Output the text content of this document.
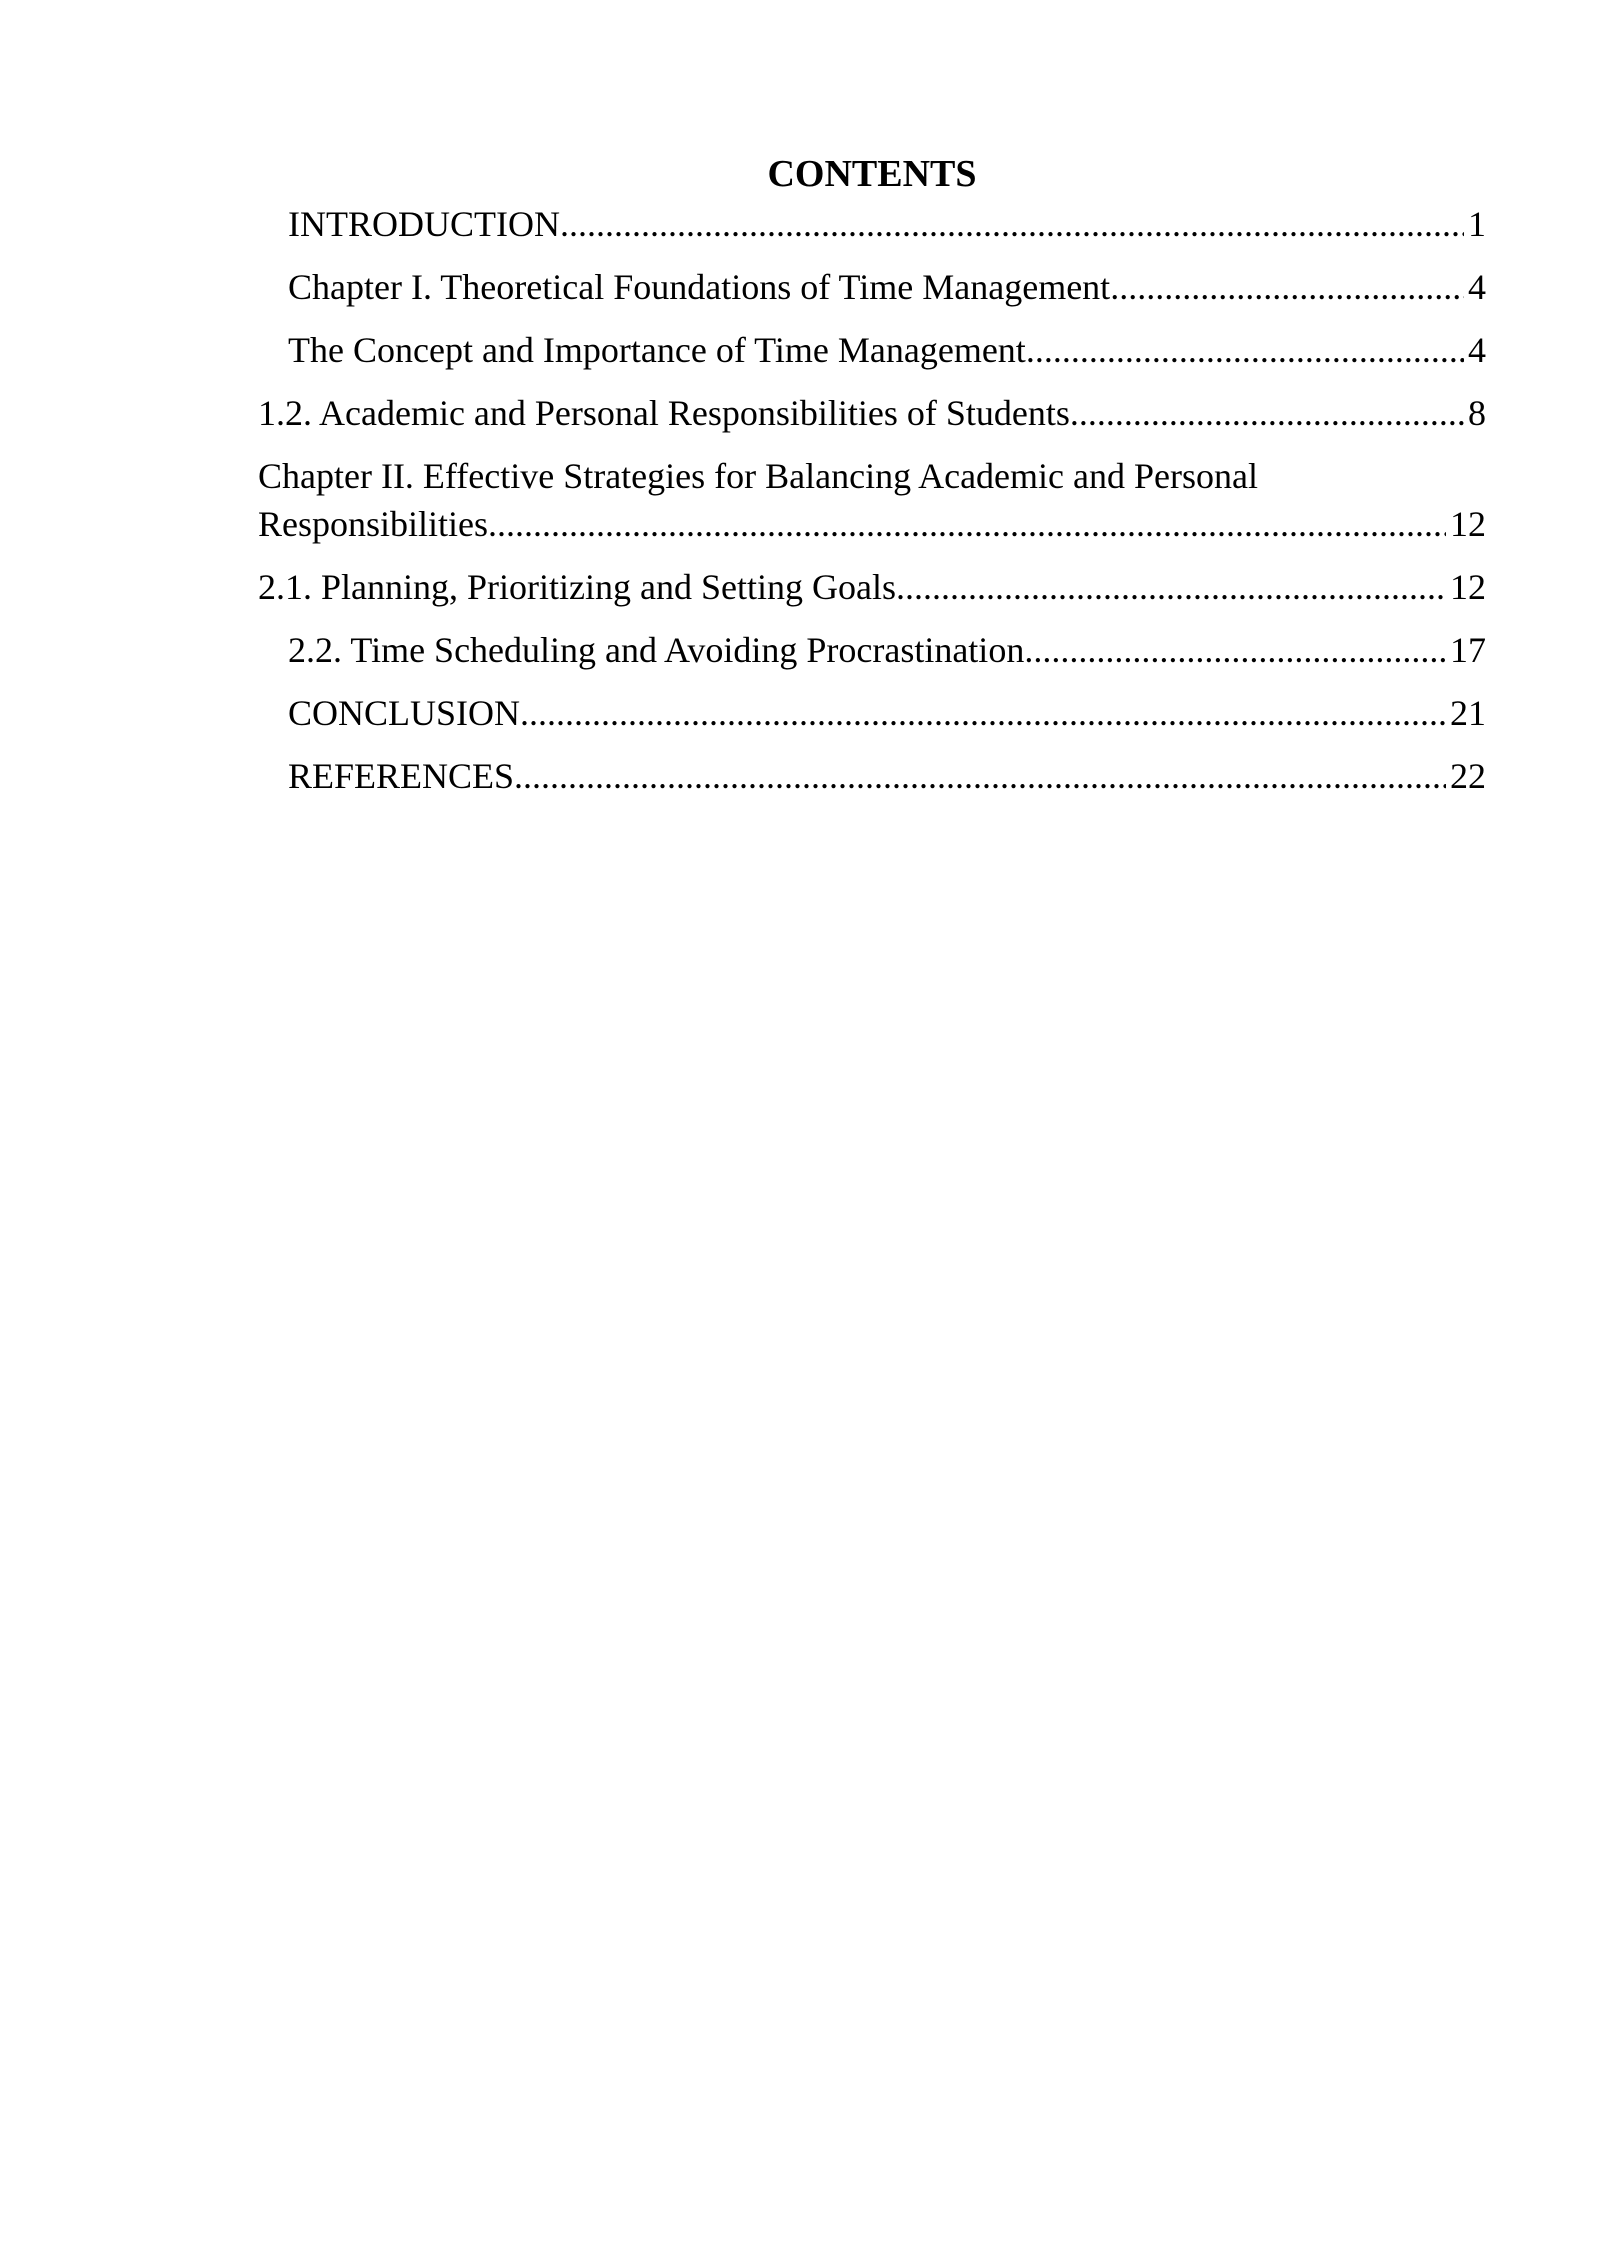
CONTENTS
INTRODUCTION .....	1
Chapter I. Theoretical Foundations of Time Management .....	4
The Concept and Importance of Time Management .....	4
1.2. Academic and Personal Responsibilities of Students .....	8
Chapter II. Effective Strategies for Balancing Academic and Personal
Responsibilities .....	12
2.1. Planning, Prioritizing and Setting Goals .....	12
2.2. Time Scheduling and Avoiding Procrastination .....	17
CONCLUSION .....	21
REFERENCES .....	22
